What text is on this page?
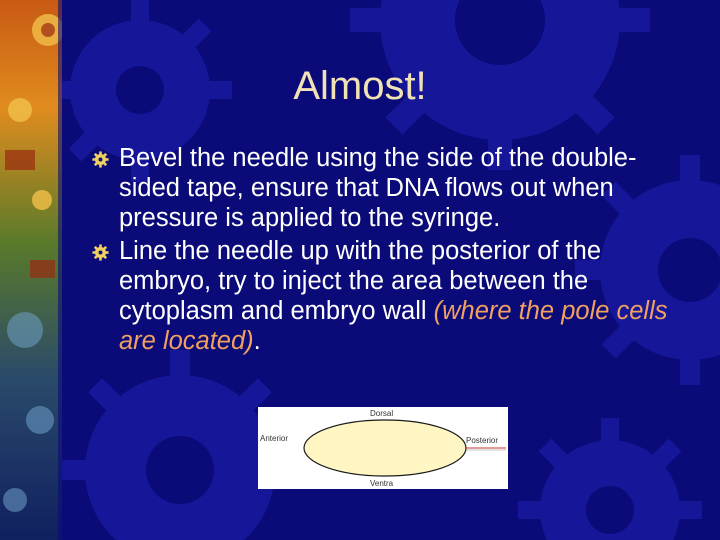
Almost!
Bevel the needle using the side of the double-sided tape, ensure that DNA flows out when pressure is applied to the syringe.
Line the needle up with the posterior of the embryo, try to inject the area between the cytoplasm and embryo wall (where the pole cells are located).
Dorsal
Anterior	Posterior
Ventra
